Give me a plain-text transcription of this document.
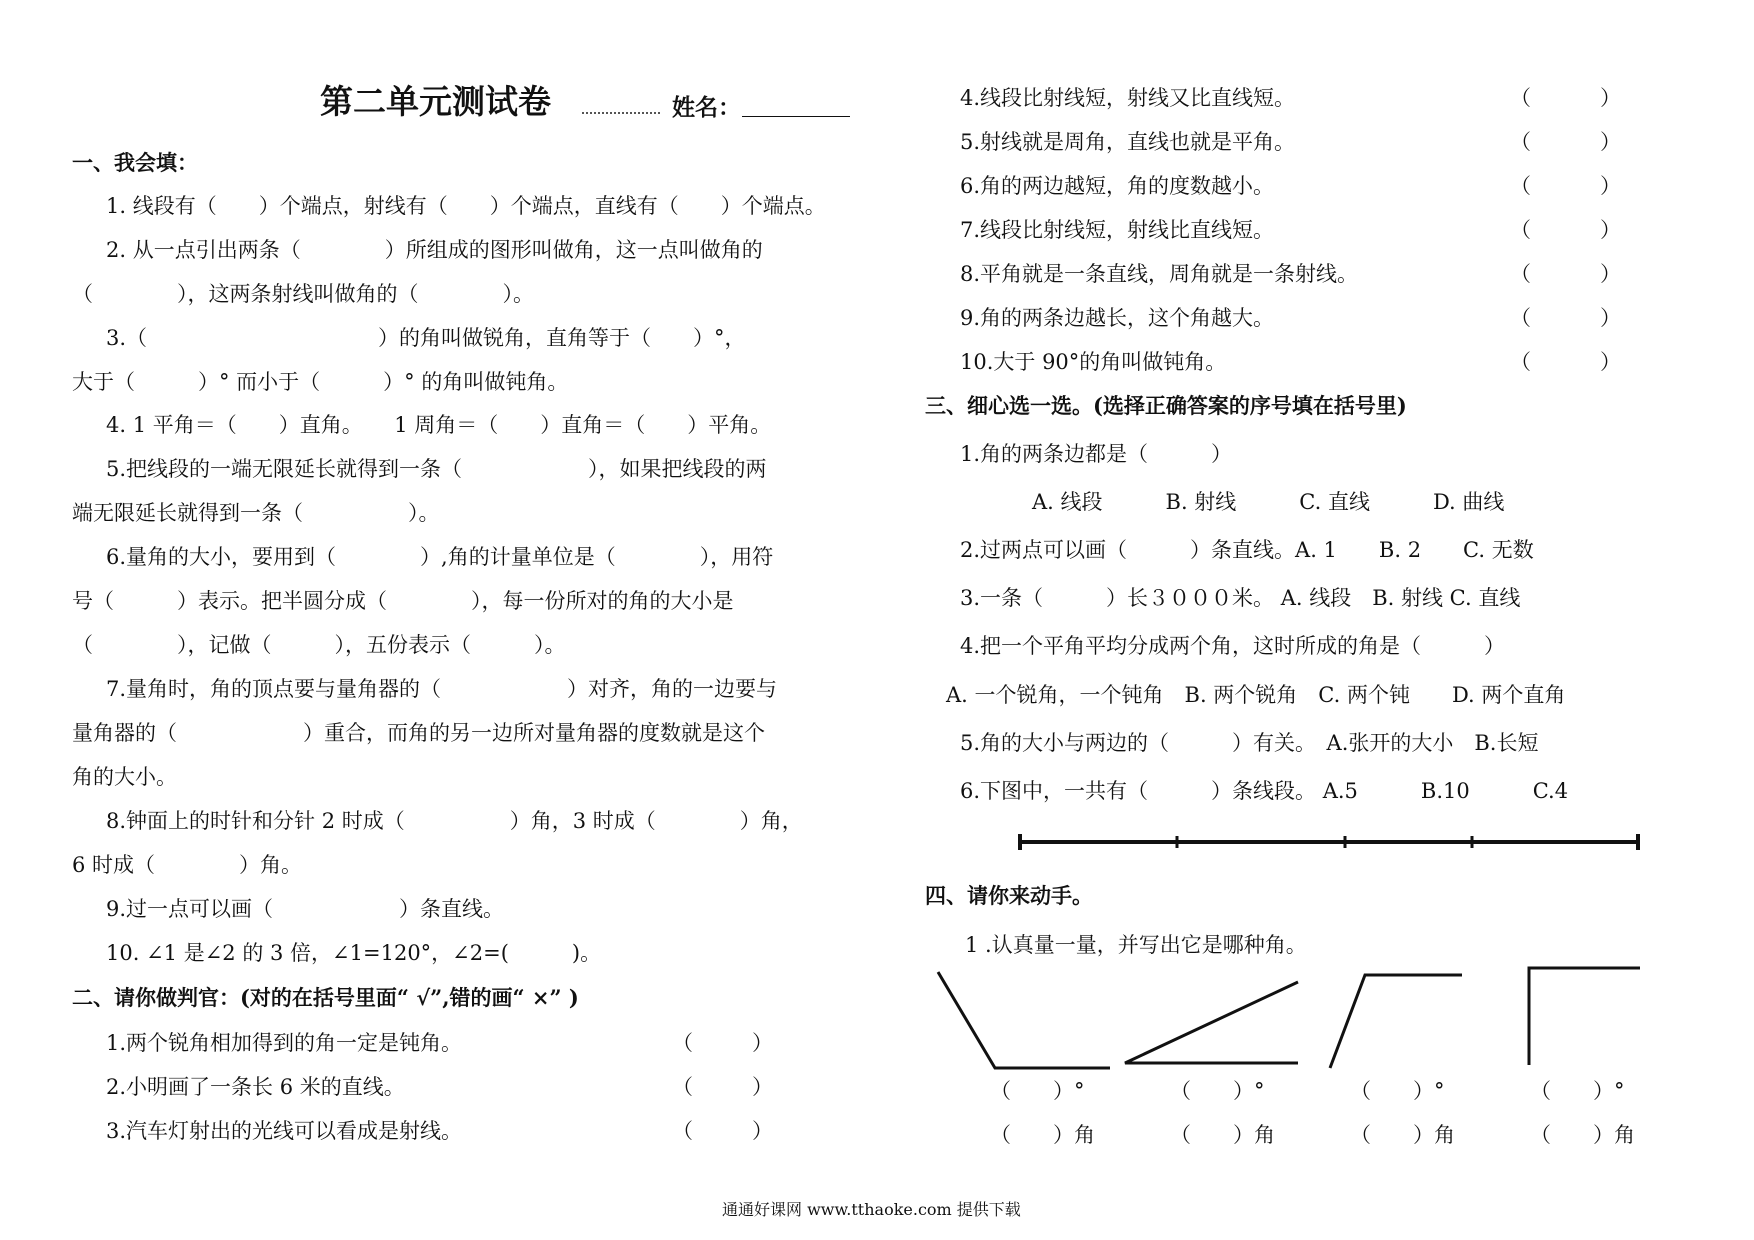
第二单元测试卷	姓名：
一、我会填：
1. 线段有（　　）个端点，射线有（　　）个端点，直线有（　　）个端点。
2. 从一点引出两条（　　　　）所组成的图形叫做角，这一点叫做角的
（　　　　），这两条射线叫做角的（　　　　）。
3.（　　　　　　　　　　　）的角叫做锐角，直角等于（　　）°，
大于（　　　）° 而小于（　　　）° 的角叫做钝角。
4. 1 平角＝（　　）直角。　　1 周角＝（　　）直角＝（　　）平角。
5.把线段的一端无限延长就得到一条（　　　　　　），如果把线段的两
端无限延长就得到一条（　　　　　）。
6.量角的大小，要用到（　　　　）,角的计量单位是（　　　　），用符
号（　　　）表示。把半圆分成（　　　　），每一份所对的角的大小是
（　　　　），记做（　　　），五份表示（　　　）。
7.量角时，角的顶点要与量角器的（　　　　　　）对齐，角的一边要与
量角器的（　　　　　　）重合，而角的另一边所对量角器的度数就是这个
角的大小。
8.钟面上的时针和分针 2 时成（　　　　　）角，3 时成（　　　　）角，
6 时成（　　　　）角。
9.过一点可以画（　　　　　　）条直线。
10. ∠1 是∠2 的 3 倍，∠1=120°，∠2=(　　　)。
二、请你做判官：(对的在括号里面“ √”,错的画“ ×” )
1.两个锐角相加得到的角一定是钝角。	（	）
2.小明画了一条长 6 米的直线。	（	）
3.汽车灯射出的光线可以看成是射线。	（	）
4.线段比射线短，射线又比直线短。	（	）
5.射线就是周角，直线也就是平角。	（	）
6.角的两边越短，角的度数越小。	（	）
7.线段比射线短，射线比直线短。	（	）
8.平角就是一条直线，周角就是一条射线。	（	）
9.角的两条边越长，这个角越大。	（	）
10.大于 90°的角叫做钝角。	（	）
三、细心选一选。(选择正确答案的序号填在括号里)
1.角的两条边都是（　　　）
A. 线段　　　B. 射线　　　C. 直线　　　D. 曲线
2.过两点可以画（　　　）条直线。A. 1　　B. 2　　C. 无数
3.一条（　　　）长３０００米。 A. 线段　B. 射线 C. 直线
4.把一个平角平均分成两个角，这时所成的角是（　　　）
A. 一个锐角，一个钝角　B. 两个锐角　C. 两个钝　　D. 两个直角
5.角的大小与两边的（　　　）有关。　A.张开的大小　B.长短
6.下图中，一共有（　　　）条线段。 A.5　　　B.10　　　C.4
四、请你来动手。
1 .认真量一量，并写出它是哪种角。
（　　）°	（　　）°	（　　）°	（　　）°
（　　）角	（　　）角	（　　）角	（　　）角
通通好课网 www.tthaoke.com 提供下载
